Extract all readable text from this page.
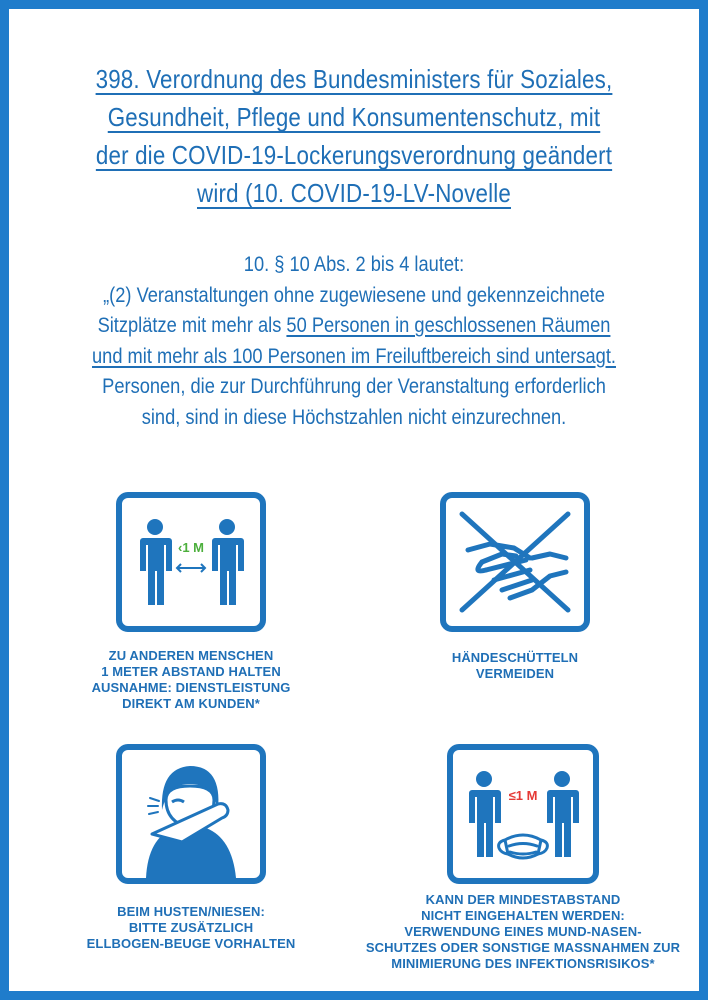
398. Verordnung des Bundesministers für Soziales,
Gesundheit, Pflege und Konsumentenschutz, mit
der die COVID-19-Lockerungsverordnung geändert
wird (10. COVID-19-LV-Novelle
10. § 10 Abs. 2 bis 4 lautet:
„(2) Veranstaltungen ohne zugewiesene und gekennzeichnete
Sitzplätze mit mehr als 50 Personen in geschlossenen Räumen
und mit mehr als 100 Personen im Freiluftbereich sind untersagt.
Personen, die zur Durchführung der Veranstaltung erforderlich
sind, sind in diese Höchstzahlen nicht einzurechnen.
‹1 M
ZU ANDEREN MENSCHEN
1 METER ABSTAND HALTEN
AUSNAHME: DIENSTLEISTUNG
DIREKT AM KUNDEN*
HÄNDESCHÜTTELN
VERMEIDEN
BEIM HUSTEN/NIESEN:
BITTE ZUSÄTZLICH
ELLBOGEN-BEUGE VORHALTEN
≤1 M
KANN DER MINDESTABSTAND
NICHT EINGEHALTEN WERDEN:
VERWENDUNG EINES MUND-NASEN-
SCHUTZES ODER SONSTIGE MASSNAHMEN ZUR
MINIMIERUNG DES INFEKTIONSRISIKOS*
